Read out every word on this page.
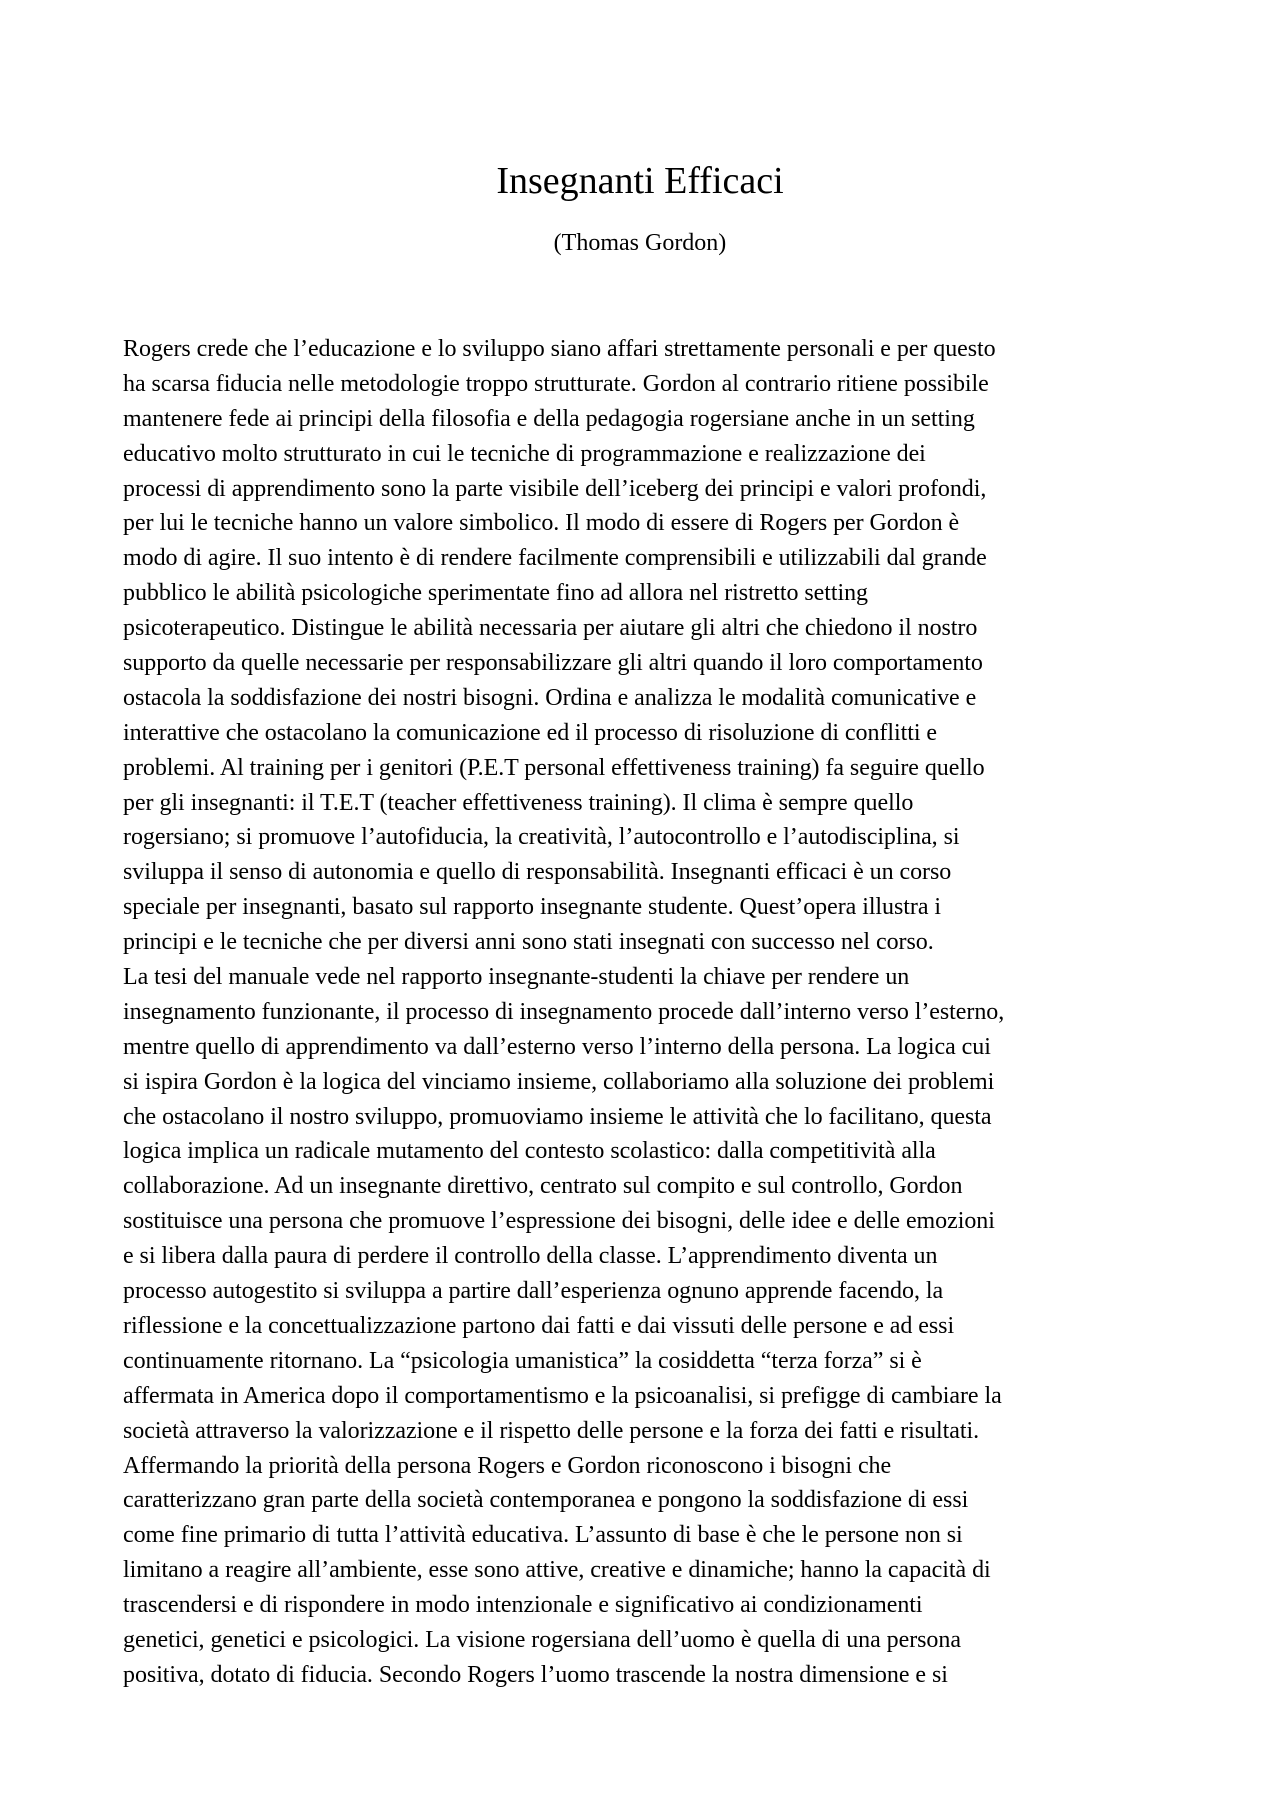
Insegnanti Efficaci

(Thomas Gordon)

Rogers crede che l’educazione e lo sviluppo siano affari strettamente personali e per questo
ha scarsa fiducia nelle metodologie troppo strutturate. Gordon al contrario ritiene possibile
mantenere fede ai principi della filosofia e della pedagogia rogersiane anche in un setting
educativo molto strutturato in cui le tecniche di programmazione e realizzazione dei
processi di apprendimento sono la parte visibile dell’iceberg dei principi e valori profondi,
per lui le tecniche hanno un valore simbolico. Il modo di essere di Rogers per Gordon è
modo di agire. Il suo intento è di rendere facilmente comprensibili e utilizzabili dal grande
pubblico le abilità psicologiche sperimentate fino ad allora nel ristretto setting
psicoterapeutico. Distingue le abilità necessaria per aiutare gli altri che chiedono il nostro
supporto da quelle necessarie per responsabilizzare gli altri quando il loro comportamento
ostacola la soddisfazione dei nostri bisogni. Ordina e analizza le modalità comunicative e
interattive che ostacolano la comunicazione ed il processo di risoluzione di conflitti e
problemi. Al training per i genitori (P.E.T personal effettiveness training) fa seguire quello
per gli insegnanti: il T.E.T (teacher effettiveness training). Il clima è sempre quello
rogersiano; si promuove l’autofiducia, la creatività, l’autocontrollo e l’autodisciplina, si
sviluppa il senso di autonomia e quello di responsabilità. Insegnanti efficaci è un corso
speciale per insegnanti, basato sul rapporto insegnante studente. Quest’opera illustra i
principi e le tecniche che per diversi anni sono stati insegnati con successo nel corso.
La tesi del manuale vede nel rapporto insegnante-studenti la chiave per rendere un
insegnamento funzionante, il processo di insegnamento procede dall’interno verso l’esterno,
mentre quello di apprendimento va dall’esterno verso l’interno della persona. La logica cui
si ispira Gordon è la logica del vinciamo insieme, collaboriamo alla soluzione dei problemi
che ostacolano il nostro sviluppo, promuoviamo insieme le attività che lo facilitano, questa
logica implica un radicale mutamento del contesto scolastico: dalla competitività alla
collaborazione. Ad un insegnante direttivo, centrato sul compito e sul controllo, Gordon
sostituisce una persona che promuove l’espressione dei bisogni, delle idee e delle emozioni
e si libera dalla paura di perdere il controllo della classe. L’apprendimento diventa un
processo autogestito si sviluppa a partire dall’esperienza ognuno apprende facendo, la
riflessione e la concettualizzazione partono dai fatti e dai vissuti delle persone e ad essi
continuamente ritornano. La “psicologia umanistica” la cosiddetta “terza forza” si è
affermata in America dopo il comportamentismo e la psicoanalisi, si prefigge di cambiare la
società attraverso la valorizzazione e il rispetto delle persone e la forza dei fatti e risultati.
Affermando la priorità della persona Rogers e Gordon riconoscono i bisogni che
caratterizzano gran parte della società contemporanea e pongono la soddisfazione di essi
come fine primario di tutta l’attività educativa. L’assunto di base è che le persone non si
limitano a reagire all’ambiente, esse sono attive, creative e dinamiche; hanno la capacità di
trascendersi e di rispondere in modo intenzionale e significativo ai condizionamenti
genetici, genetici e psicologici. La visione rogersiana dell’uomo è quella di una persona
positiva, dotato di fiducia. Secondo Rogers l’uomo trascende la nostra dimensione e si
